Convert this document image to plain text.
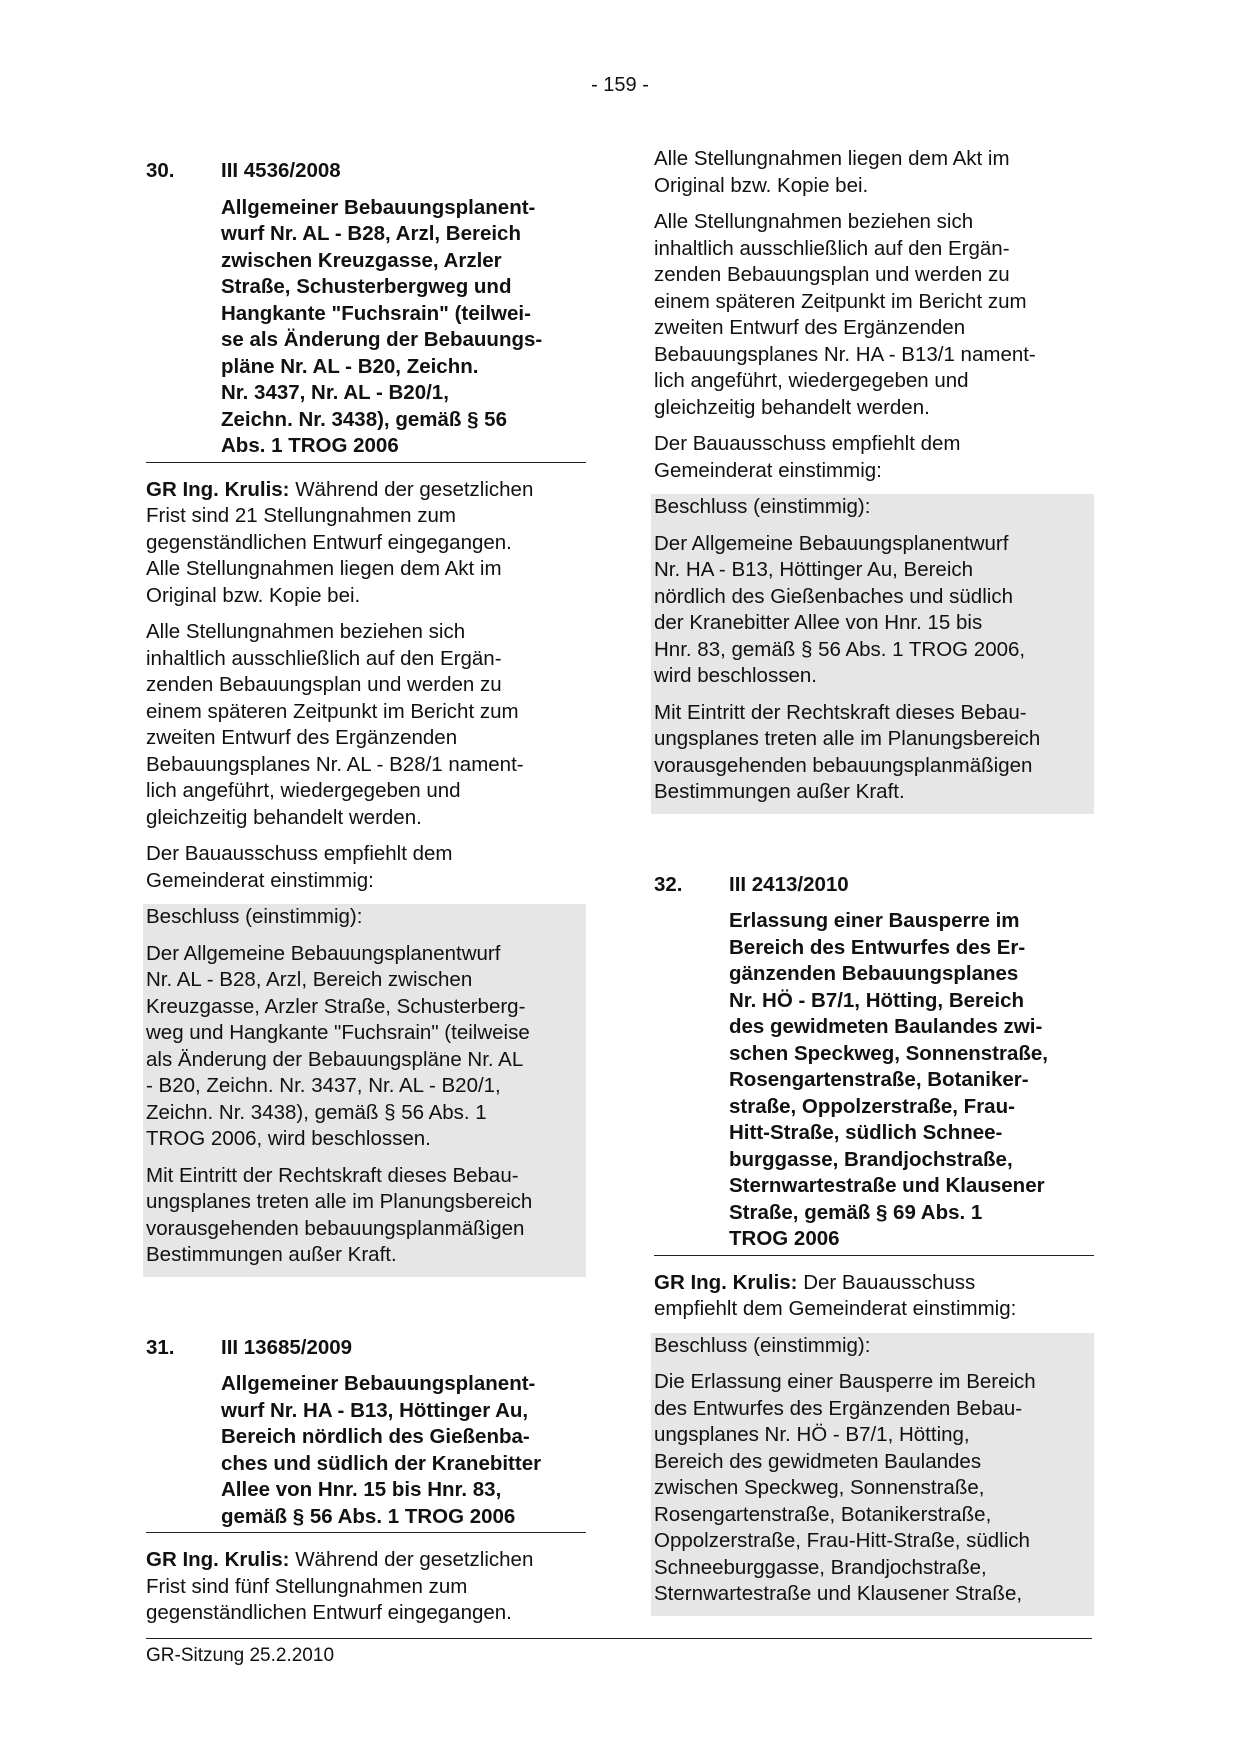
- 159 -
30.	III 4536/2008
Allgemeiner Bebauungsplanent-
wurf Nr. AL - B28, Arzl, Bereich
zwischen Kreuzgasse, Arzler
Straße, Schusterbergweg und
Hangkante "Fuchsrain" (teilwei-
se als Änderung der Bebauungs-
pläne Nr. AL - B20, Zeichn.
Nr. 3437, Nr. AL - B20/1,
Zeichn. Nr. 3438), gemäß § 56
Abs. 1 TROG 2006

GR Ing. Krulis: Während der gesetzlichen
Frist sind 21 Stellungnahmen zum
gegenständlichen Entwurf eingegangen.
Alle Stellungnahmen liegen dem Akt im
Original bzw. Kopie bei.

Alle Stellungnahmen beziehen sich
inhaltlich ausschließlich auf den Ergän-
zenden Bebauungsplan und werden zu
einem späteren Zeitpunkt im Bericht zum
zweiten Entwurf des Ergänzenden
Bebauungsplanes Nr. AL - B28/1 nament-
lich angeführt, wiedergegeben und
gleichzeitig behandelt werden.

Der Bauausschuss empfiehlt dem
Gemeinderat einstimmig:

Beschluss (einstimmig):

Der Allgemeine Bebauungsplanentwurf
Nr. AL - B28, Arzl, Bereich zwischen
Kreuzgasse, Arzler Straße, Schusterberg-
weg und Hangkante "Fuchsrain" (teilweise
als Änderung der Bebauungspläne Nr. AL
- B20, Zeichn. Nr. 3437, Nr. AL - B20/1,
Zeichn. Nr. 3438), gemäß § 56 Abs. 1
TROG 2006, wird beschlossen.

Mit Eintritt der Rechtskraft dieses Bebau-
ungsplanes treten alle im Planungsbereich
vorausgehenden bebauungsplanmäßigen
Bestimmungen außer Kraft.

31.	III 13685/2009
Allgemeiner Bebauungsplanent-
wurf Nr. HA - B13, Höttinger Au,
Bereich nördlich des Gießenba-
ches und südlich der Kranebitter
Allee von Hnr. 15 bis Hnr. 83,
gemäß § 56 Abs. 1 TROG 2006

GR Ing. Krulis: Während der gesetzlichen
Frist sind fünf Stellungnahmen zum
gegenständlichen Entwurf eingegangen.

Alle Stellungnahmen liegen dem Akt im
Original bzw. Kopie bei.

Alle Stellungnahmen beziehen sich
inhaltlich ausschließlich auf den Ergän-
zenden Bebauungsplan und werden zu
einem späteren Zeitpunkt im Bericht zum
zweiten Entwurf des Ergänzenden
Bebauungsplanes Nr. HA - B13/1 nament-
lich angeführt, wiedergegeben und
gleichzeitig behandelt werden.

Der Bauausschuss empfiehlt dem
Gemeinderat einstimmig:

Beschluss (einstimmig):

Der Allgemeine Bebauungsplanentwurf
Nr. HA - B13, Höttinger Au, Bereich
nördlich des Gießenbaches und südlich
der Kranebitter Allee von Hnr. 15 bis
Hnr. 83, gemäß § 56 Abs. 1 TROG 2006,
wird beschlossen.

Mit Eintritt der Rechtskraft dieses Bebau-
ungsplanes treten alle im Planungsbereich
vorausgehenden bebauungsplanmäßigen
Bestimmungen außer Kraft.

32.	III 2413/2010
Erlassung einer Bausperre im
Bereich des Entwurfes des Er-
gänzenden Bebauungsplanes
Nr. HÖ - B7/1, Hötting, Bereich
des gewidmeten Baulandes zwi-
schen Speckweg, Sonnenstraße,
Rosengartenstraße, Botaniker-
straße, Oppolzerstraße, Frau-
Hitt-Straße, südlich Schnee-
burggasse, Brandjochstraße,
Sternwartestraße und Klausener
Straße, gemäß § 69 Abs. 1
TROG 2006

GR Ing. Krulis: Der Bauausschuss
empfiehlt dem Gemeinderat einstimmig:

Beschluss (einstimmig):

Die Erlassung einer Bausperre im Bereich
des Entwurfes des Ergänzenden Bebau-
ungsplanes Nr. HÖ - B7/1, Hötting,
Bereich des gewidmeten Baulandes
zwischen Speckweg, Sonnenstraße,
Rosengartenstraße, Botanikerstraße,
Oppolzerstraße, Frau-Hitt-Straße, südlich
Schneeburggasse, Brandjochstraße,
Sternwartestraße und Klausener Straße,

GR-Sitzung 25.2.2010
